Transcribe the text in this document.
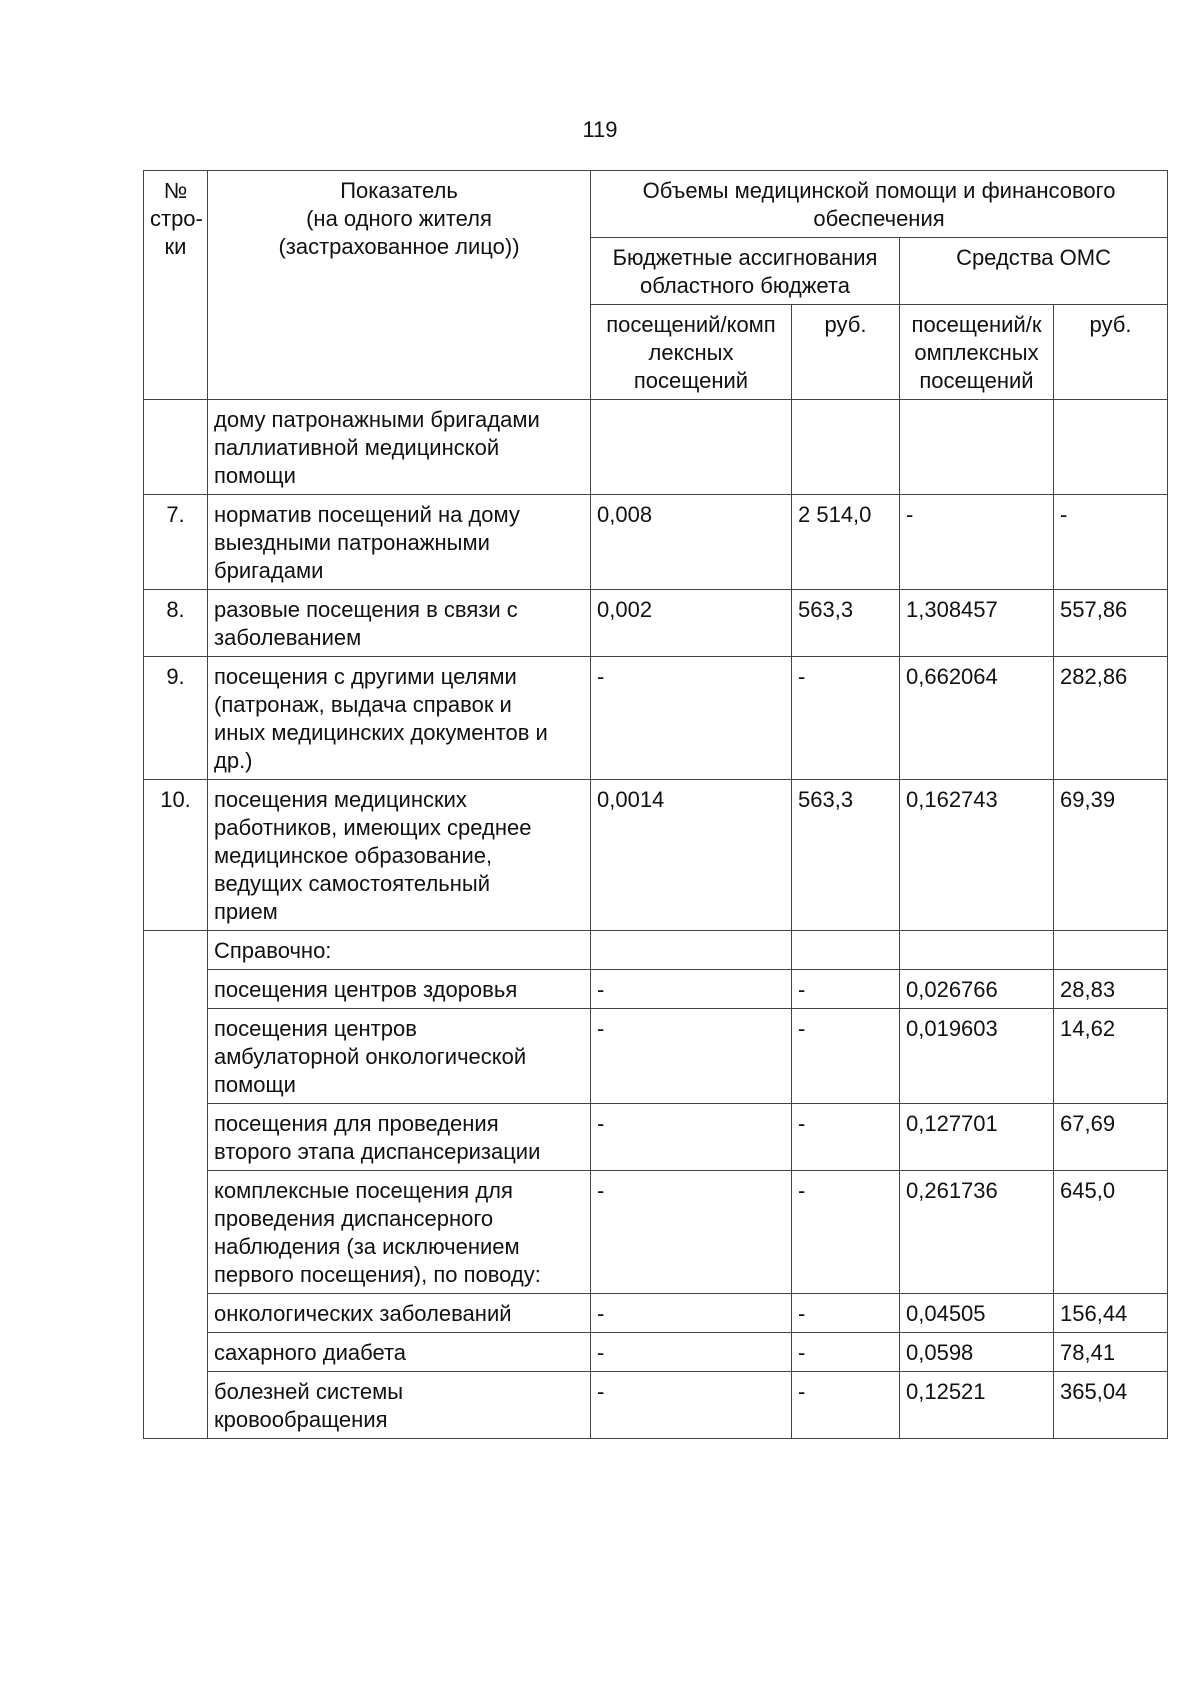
119
№
стро-
ки	Показатель
(на одного жителя
(застрахованное лицо))	Объемы медицинской помощи и финансового
обеспечения			

		Бюджетные ассигнования
областного бюджета		Средства ОМС	

		посещений/комп
лексных
посещений	руб.	посещений/к
омплексных
посещений	руб.

	дому патронажными бригадами
паллиативной медицинской
помощи				

7.	норматив посещений на дому
выездными патронажными
бригадами	0,008	2 514,0	-	-

8.	разовые посещения в связи с
заболеванием	0,002	563,3	1,308457	557,86

9.	посещения с другими целями
(патронаж, выдача справок и
иных медицинских документов и
др.)	-	-	0,662064	282,86

10.	посещения медицинских
работников, имеющих среднее
медицинское образование,
ведущих самостоятельный
прием	0,0014	563,3	0,162743	69,39

	Справочно:				

	посещения центров здоровья	-	-	0,026766	28,83

	посещения центров
амбулаторной онкологической
помощи	-	-	0,019603	14,62

	посещения для проведения
второго этапа диспансеризации	-	-	0,127701	67,69

	комплексные посещения для
проведения диспансерного
наблюдения (за исключением
первого посещения), по поводу:	-	-	0,261736	645,0

	онкологических заболеваний	-	-	0,04505	156,44

	сахарного диабета	-	-	0,0598	78,41

	болезней системы
кровообращения	-	-	0,12521	365,04
